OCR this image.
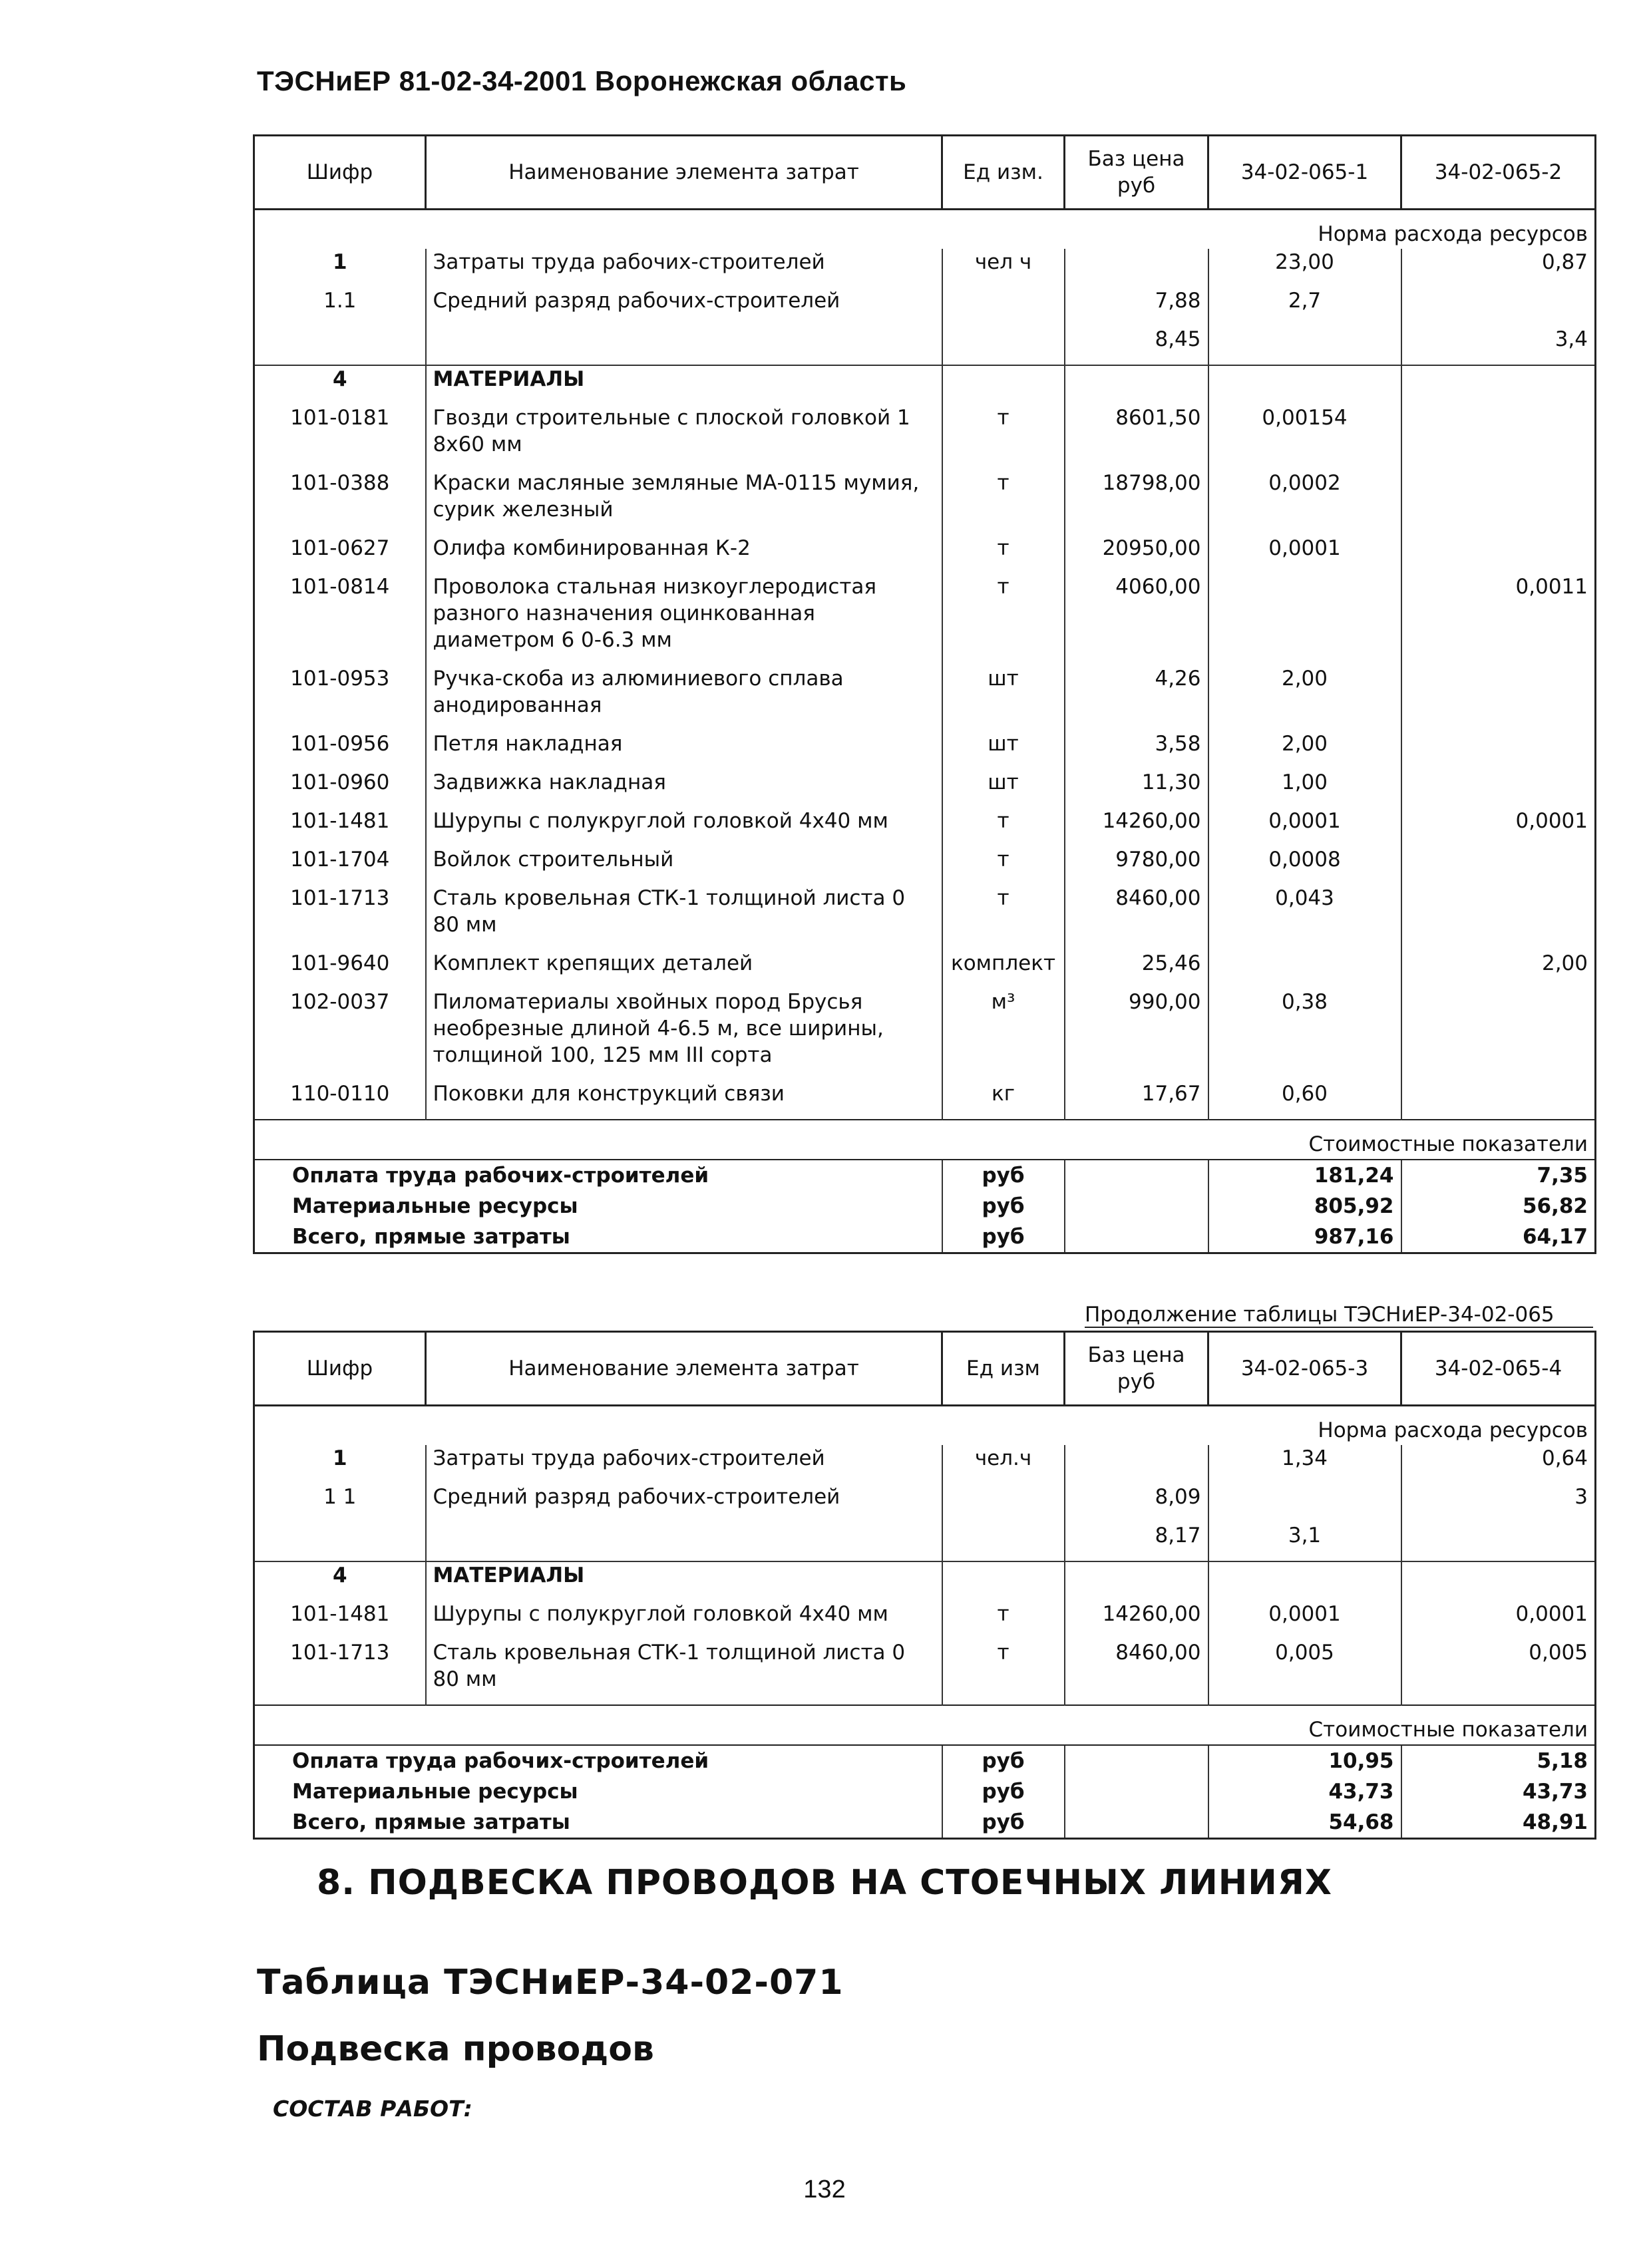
ТЭСНиЕР 81-02-34-2001 Воронежская область
Шифр	Наименование элемента затрат	Ед изм.	Баз цена руб	34-02-065-1	34-02-065-2
Норма расхода ресурсов					
1	Затраты труда рабочих-строителей	чел ч		23,00	0,87
1.1	Средний разряд рабочих-строителей		7,88	2,7	
			8,45		3,4
4	МАТЕРИАЛЫ				
101-0181	Гвозди строительные с плоской головкой 1 8х60 мм	т	8601,50	0,00154	
101-0388	Краски масляные земляные МА-0115 мумия, сурик железный	т	18798,00	0,0002	
101-0627	Олифа комбинированная К-2	т	20950,00	0,0001	
101-0814	Проволока стальная низкоуглеродистая разного назначения оцинкованная диаметром 6 0-6.3 мм	т	4060,00		0,0011
101-0953	Ручка-скоба из алюминиевого сплава анодированная	шт	4,26	2,00	
101-0956	Петля накладная	шт	3,58	2,00	
101-0960	Задвижка накладная	шт	11,30	1,00	
101-1481	Шурупы с полукруглой головкой 4х40 мм	т	14260,00	0,0001	0,0001
101-1704	Войлок строительный	т	9780,00	0,0008	
101-1713	Сталь кровельная СТК-1 толщиной листа 0 80 мм	т	8460,00	0,043	
101-9640	Комплект крепящих деталей	комплект	25,46		2,00
102-0037	Пиломатериалы хвойных пород Брусья необрезные длиной 4-6.5 м, все ширины, толщиной 100, 125 мм III сорта	м³	990,00	0,38	
110-0110	Поковки для конструкций связи	кг	17,67	0,60	
Стоимостные показатели					
Оплата труда рабочих-строителей		руб		181,24	7,35
Материальные ресурсы		руб		805,92	56,82
Всего, прямые затраты		руб		987,16	64,17
Продолжение таблицы ТЭСНиЕР-34-02-065
Шифр	Наименование элемента затрат	Ед изм	Баз цена руб	34-02-065-3	34-02-065-4
Норма расхода ресурсов					
1	Затраты труда рабочих-строителей	чел.ч		1,34	0,64
1 1	Средний разряд рабочих-строителей		8,09		3
			8,17	3,1	
4	МАТЕРИАЛЫ				
101-1481	Шурупы с полукруглой головкой 4х40 мм	т	14260,00	0,0001	0,0001
101-1713	Сталь кровельная СТК-1 толщиной листа 0 80 мм	т	8460,00	0,005	0,005
Стоимостные показатели					
Оплата труда рабочих-строителей		руб		10,95	5,18
Материальные ресурсы		руб		43,73	43,73
Всего, прямые затраты		руб		54,68	48,91
8. ПОДВЕСКА ПРОВОДОВ НА СТОЕЧНЫХ ЛИНИЯХ
Таблица ТЭСНиЕР-34-02-071
Подвеска проводов
СОСТАВ РАБОТ:
132
